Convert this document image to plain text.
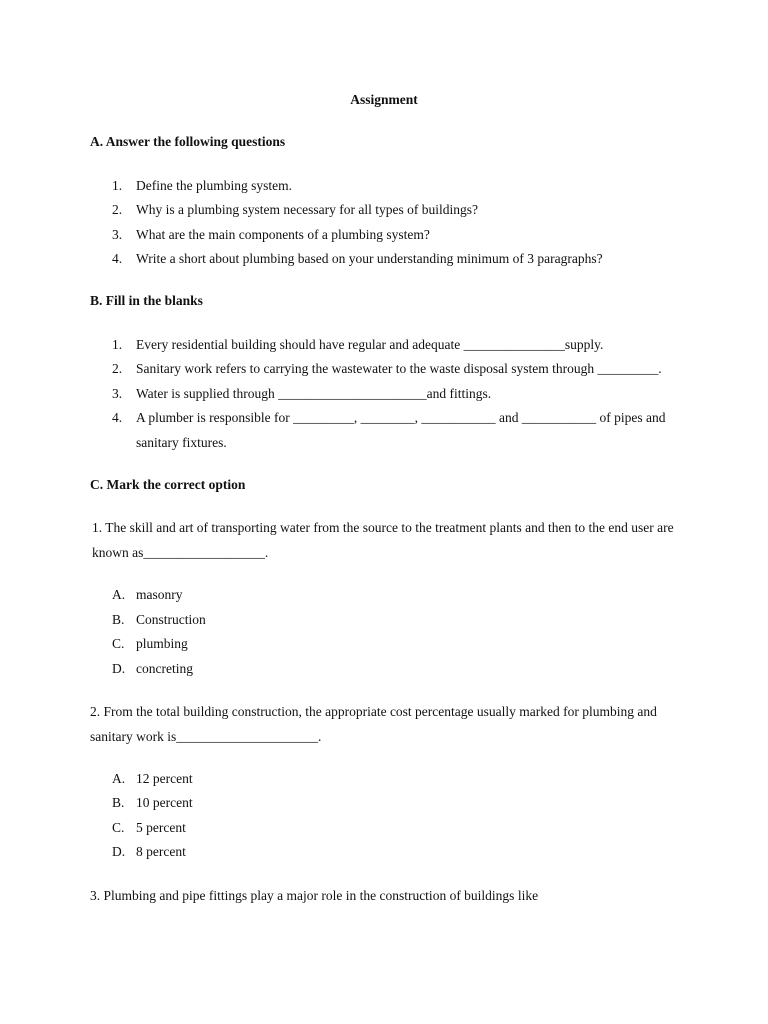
Assignment
A. Answer the following questions
1.	Define the plumbing system.
2.	Why is a plumbing system necessary for all types of buildings?
3.	What are the main components of a plumbing system?
4.	Write a short about plumbing based on your understanding minimum of 3 paragraphs?
B. Fill in the blanks
1.	Every residential building should have regular and adequate _______________supply.
2.	Sanitary work refers to carrying the wastewater to the waste disposal system through _________.
3.	Water is supplied through ______________________and fittings.
4.	A plumber is responsible for _________, ________, ___________ and ___________ of pipes and sanitary fixtures.
C. Mark the correct option
1. The skill and art of transporting water from the source to the treatment plants and then to the end user are known as__________________.
A. masonry
B. Construction
C. plumbing
D. concreting
2. From the total building construction, the appropriate cost percentage usually marked for plumbing and sanitary work is_____________________.
A. 12 percent
B. 10 percent
C. 5 percent
D. 8 percent
3. Plumbing and pipe fittings play a major role in the construction of buildings like
